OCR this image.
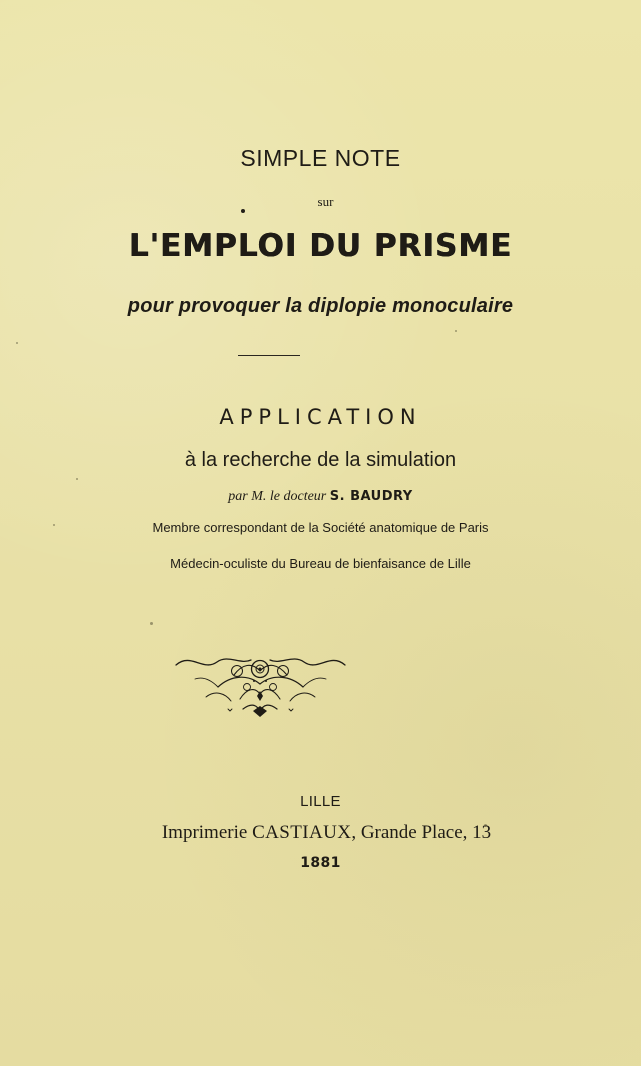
SIMPLE NOTE
sur
L'EMPLOI DU PRISME
pour provoquer la diplopie monoculaire
APPLICATION
à la recherche de la simulation
par M. le docteur S. BAUDRY
Membre correspondant de la Société anatomique de Paris
Médecin-oculiste du Bureau de bienfaisance de Lille
LILLE
Imprimerie CASTIAUX, Grande Place, 13
1881
